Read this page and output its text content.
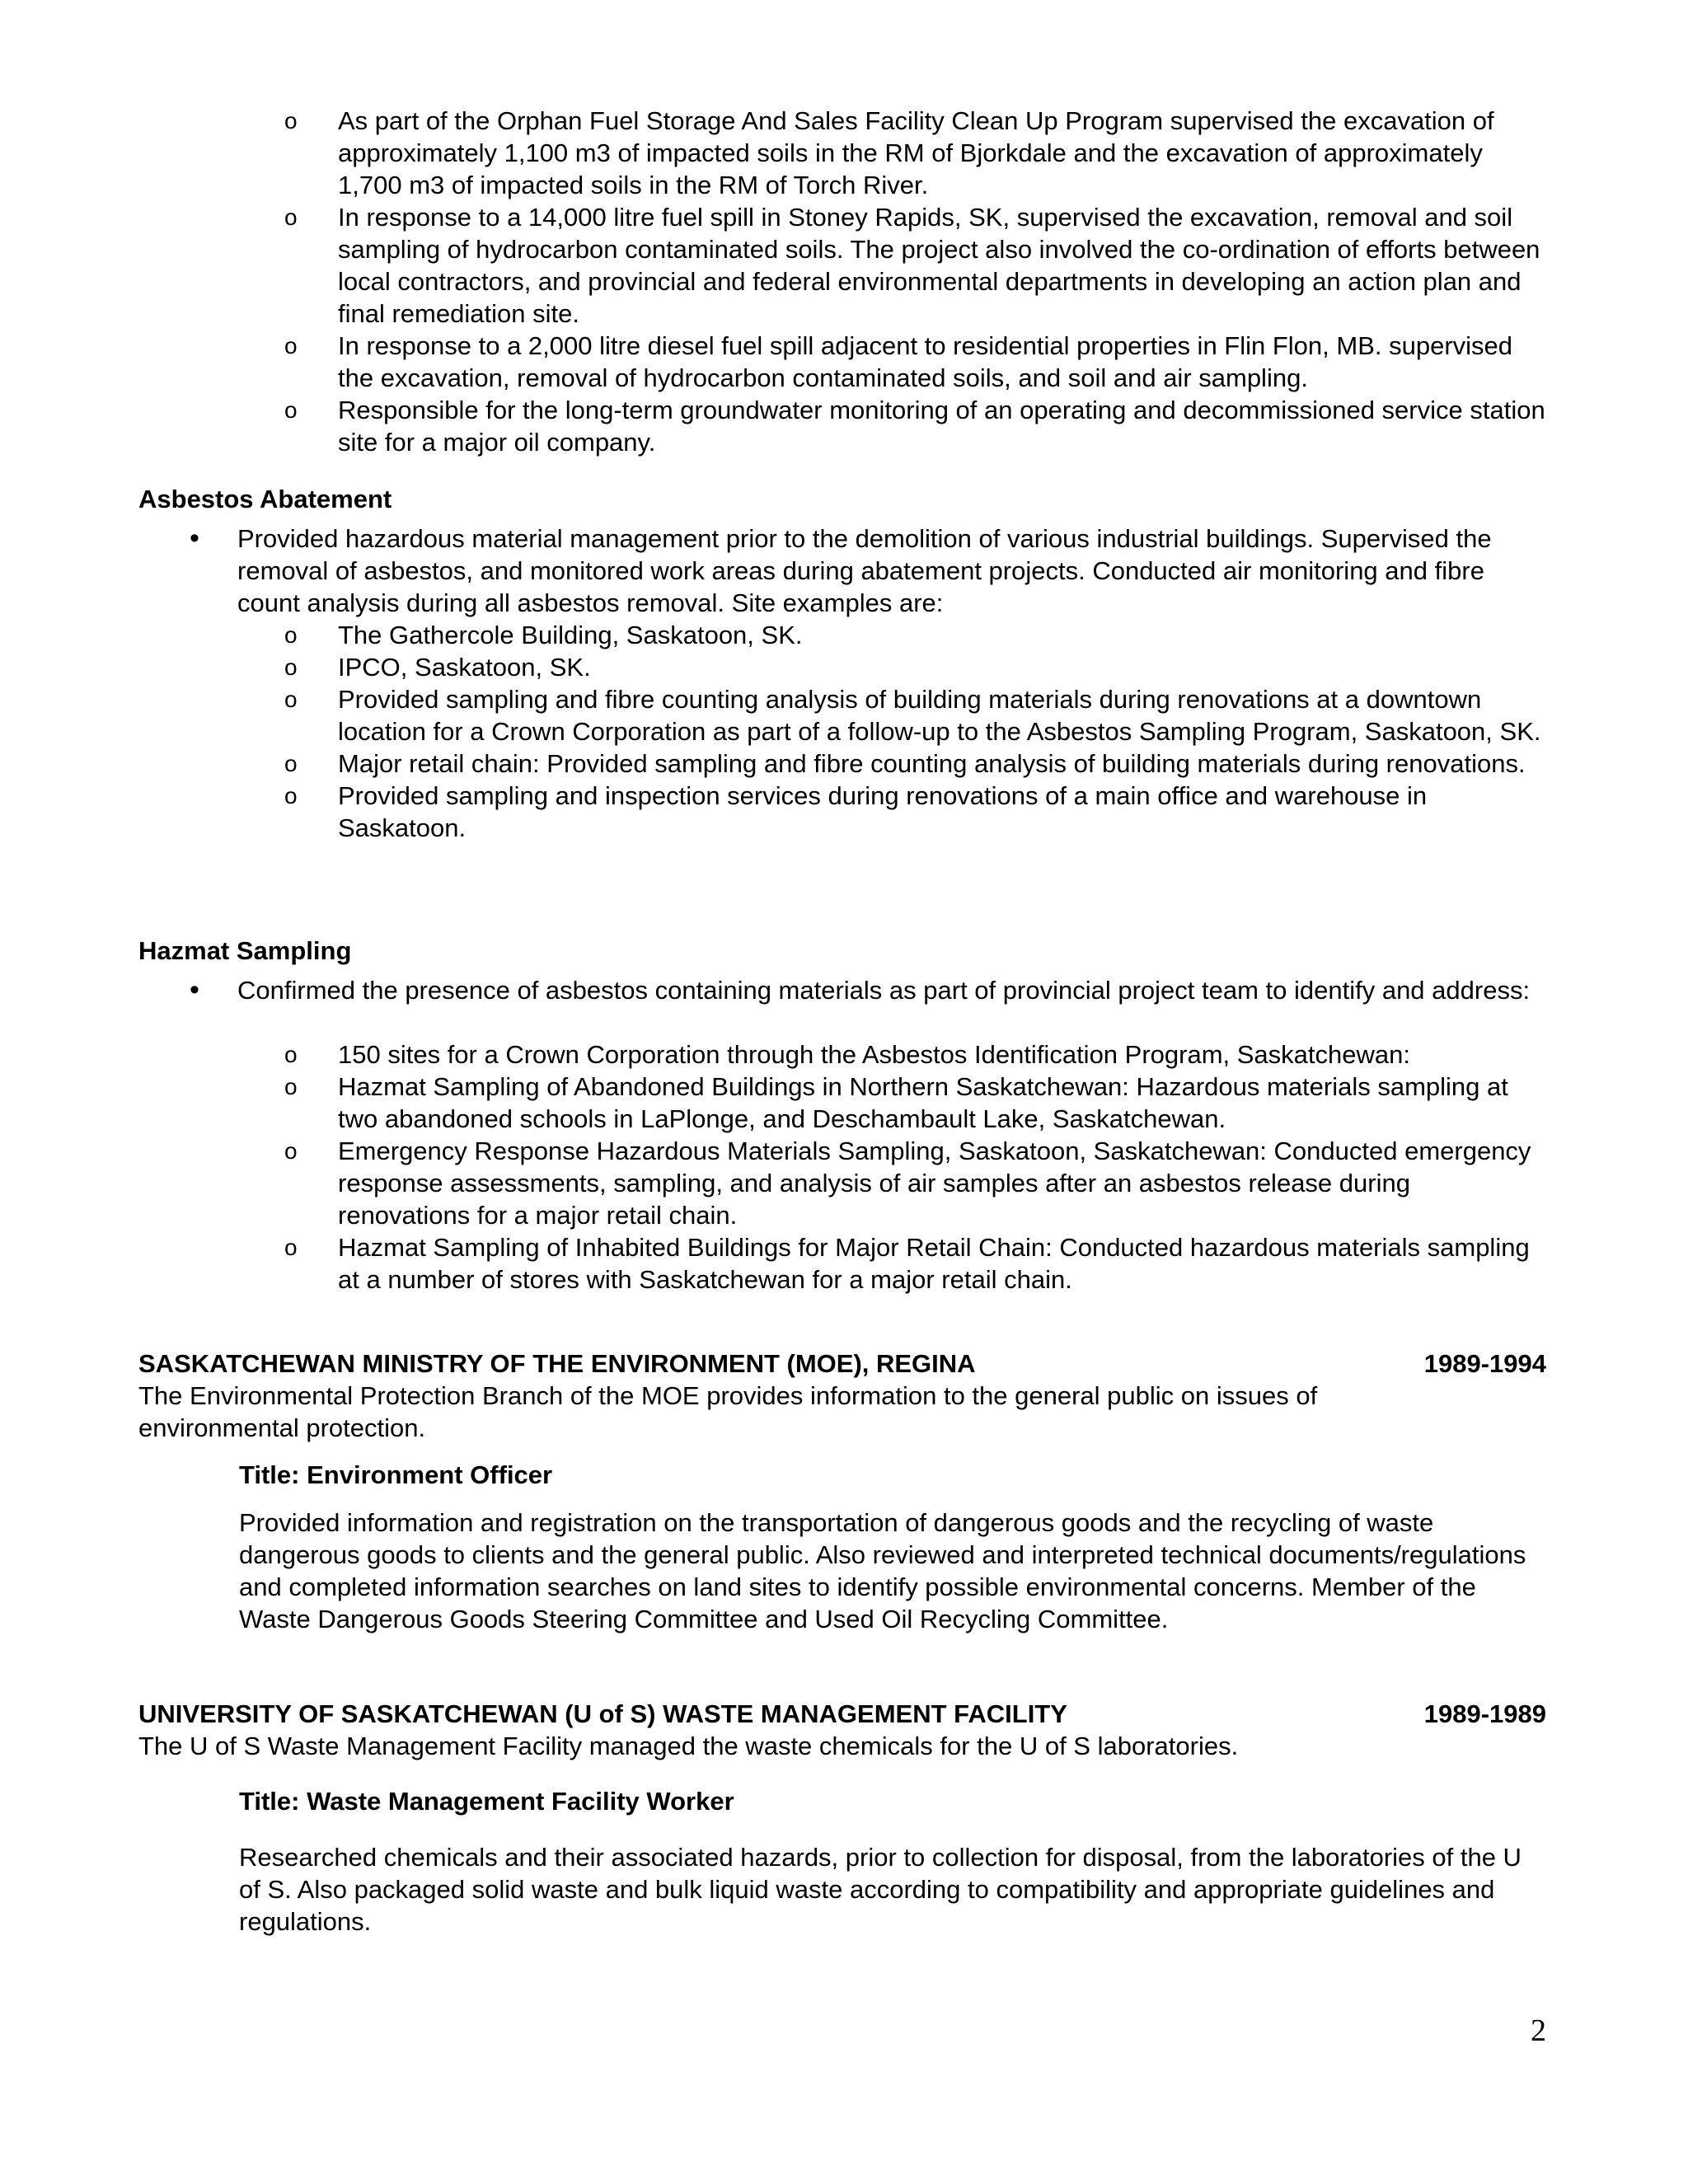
o	As part of the Orphan Fuel Storage And Sales Facility Clean Up Program supervised the excavation of approximately 1,100 m3 of impacted soils in the RM of Bjorkdale and the excavation of approximately 1,700 m3 of impacted soils in the RM of Torch River.
o	In response to a 14,000 litre fuel spill in Stoney Rapids, SK, supervised the excavation, removal and soil sampling of hydrocarbon contaminated soils. The project also involved the co-ordination of efforts between local contractors, and provincial and federal environmental departments in developing an action plan and final remediation site.
o	In response to a 2,000 litre diesel fuel spill adjacent to residential properties in Flin Flon, MB. supervised the excavation, removal of hydrocarbon contaminated soils, and soil and air sampling.
o	Responsible for the long-term groundwater monitoring of an operating and decommissioned service station site for a major oil company.

Asbestos Abatement

• Provided hazardous material management prior to the demolition of various industrial buildings. Supervised the removal of asbestos, and monitored work areas during abatement projects. Conducted air monitoring and fibre count analysis during all asbestos removal. Site examples are:

o	The Gathercole Building, Saskatoon, SK.
o	IPCO, Saskatoon, SK.
o	Provided sampling and fibre counting analysis of building materials during renovations at a downtown location for a Crown Corporation as part of a follow-up to the Asbestos Sampling Program, Saskatoon, SK.
o	Major retail chain: Provided sampling and fibre counting analysis of building materials during renovations.
o	Provided sampling and inspection services during renovations of a main office and warehouse in Saskatoon.

Hazmat Sampling

• Confirmed the presence of asbestos containing materials as part of provincial project team to identify and address:

o	150 sites for a Crown Corporation through the Asbestos Identification Program, Saskatchewan:
o	Hazmat Sampling of Abandoned Buildings in Northern Saskatchewan: Hazardous materials sampling at two abandoned schools in LaPlonge, and Deschambault Lake, Saskatchewan.
o	Emergency Response Hazardous Materials Sampling, Saskatoon, Saskatchewan: Conducted emergency response assessments, sampling, and analysis of air samples after an asbestos release during renovations for a major retail chain.
o	Hazmat Sampling of Inhabited Buildings for Major Retail Chain: Conducted hazardous materials sampling at a number of stores with Saskatchewan for a major retail chain.
SASKATCHEWAN MINISTRY OF THE ENVIRONMENT (MOE), REGINA	1989-1994

The Environmental Protection Branch of the MOE provides information to the general public on issues of environmental protection.

Title: Environment Officer

Provided information and registration on the transportation of dangerous goods and the recycling of waste dangerous goods to clients and the general public. Also reviewed and interpreted technical documents/regulations and completed information searches on land sites to identify possible environmental concerns. Member of the Waste Dangerous Goods Steering Committee and Used Oil Recycling Committee.

UNIVERSITY OF SASKATCHEWAN (U of S) WASTE MANAGEMENT FACILITY	1989-1989

The U of S Waste Management Facility managed the waste chemicals for the U of S laboratories.

Title: Waste Management Facility Worker

Researched chemicals and their associated hazards, prior to collection for disposal, from the laboratories of the U of S. Also packaged solid waste and bulk liquid waste according to compatibility and appropriate guidelines and regulations.

2
